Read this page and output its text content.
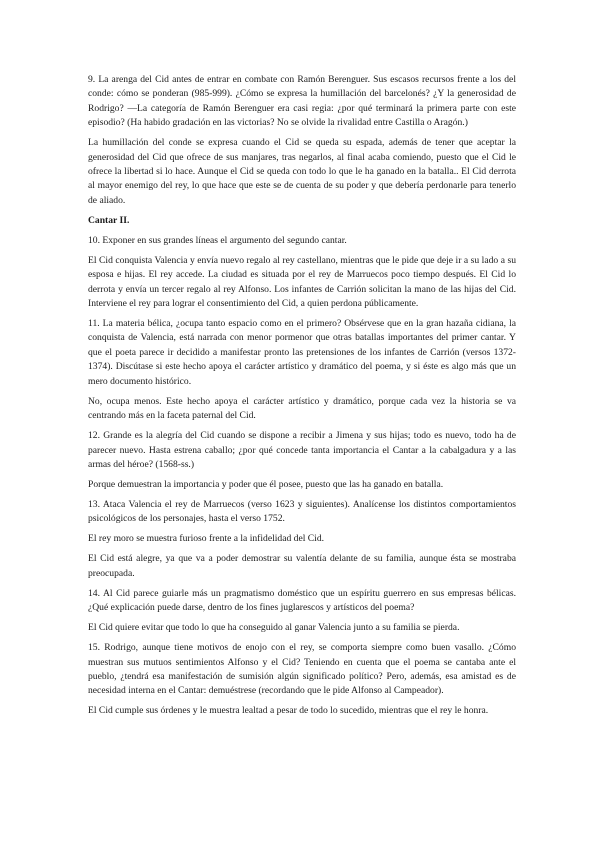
9. La arenga del Cid antes de entrar en combate con Ramón Berenguer. Sus escasos recursos frente a los del conde: cómo se ponderan (985-999). ¿Cómo se expresa la humillación del barcelonés? ¿Y la generosidad de Rodrigo? —La categoría de Ramón Berenguer era casi regia: ¿por qué terminará la primera parte con este episodio? (Ha habido gradación en las victorias? No se olvide la rivalidad entre Castilla o Aragón.)

La humillación del conde se expresa cuando el Cid se queda su espada, además de tener que aceptar la generosidad del Cid que ofrece de sus manjares, tras negarlos, al final acaba comiendo, puesto que el Cid le ofrece la libertad si lo hace. Aunque el Cid se queda con todo lo que le ha ganado en la batalla.. El Cid derrota al mayor enemigo del rey, lo que hace que este se de cuenta de su poder y que debería perdonarle para tenerlo de aliado.

Cantar II.

10. Exponer en sus grandes líneas el argumento del segundo cantar.

El Cid conquista Valencia y envía nuevo regalo al rey castellano, mientras que le pide que deje ir a su lado a su esposa e hijas. El rey accede. La ciudad es situada por el rey de Marruecos poco tiempo después. El Cid lo derrota y envía un tercer regalo al rey Alfonso. Los infantes de Carrión solicitan la mano de las hijas del Cid. Interviene el rey para lograr el consentimiento del Cid, a quien perdona públicamente.

11. La materia bélica, ¿ocupa tanto espacio como en el primero? Obsérvese que en la gran hazaña cidiana, la conquista de Valencia, está narrada con menor pormenor que otras batallas importantes del primer cantar. Y que el poeta parece ir decidido a manifestar pronto las pretensiones de los infantes de Carrión (versos 1372-1374). Discútase si este hecho apoya el carácter artístico y dramático del poema, y si éste es algo más que un mero documento histórico.

No, ocupa menos. Este hecho apoya el carácter artístico y dramático, porque cada vez la historia se va centrando más en la faceta paternal del Cid.

12. Grande es la alegría del Cid cuando se dispone a recibir a Jimena y sus hijas; todo es nuevo, todo ha de parecer nuevo. Hasta estrena caballo; ¿por qué concede tanta importancia el Cantar a la cabalgadura y a las armas del héroe? (1568-ss.)

Porque demuestran la importancia y poder que él posee, puesto que las ha ganado en batalla.

13. Ataca Valencia el rey de Marruecos (verso 1623 y siguientes). Analícense los distintos comportamientos psicológicos de los personajes, hasta el verso 1752.

El rey moro se muestra furioso frente a la infidelidad del Cid.

El Cid está alegre, ya que va a poder demostrar su valentía delante de su familia, aunque ésta se mostraba preocupada.

14. Al Cid parece guiarle más un pragmatismo doméstico que un espíritu guerrero en sus empresas bélicas. ¿Qué explicación puede darse, dentro de los fines juglarescos y artísticos del poema?

El Cid quiere evitar que todo lo que ha conseguido al ganar Valencia junto a su familia se pierda.

15. Rodrigo, aunque tiene motivos de enojo con el rey, se comporta siempre como buen vasallo. ¿Cómo muestran sus mutuos sentimientos Alfonso y el Cid? Teniendo en cuenta que el poema se cantaba ante el pueblo, ¿tendrá esa manifestación de sumisión algún significado político? Pero, además, esa amistad es de necesidad interna en el Cantar: demuéstrese (recordando que le pide Alfonso al Campeador).

El Cid cumple sus órdenes y le muestra lealtad a pesar de todo lo sucedido, mientras que el rey le honra.
